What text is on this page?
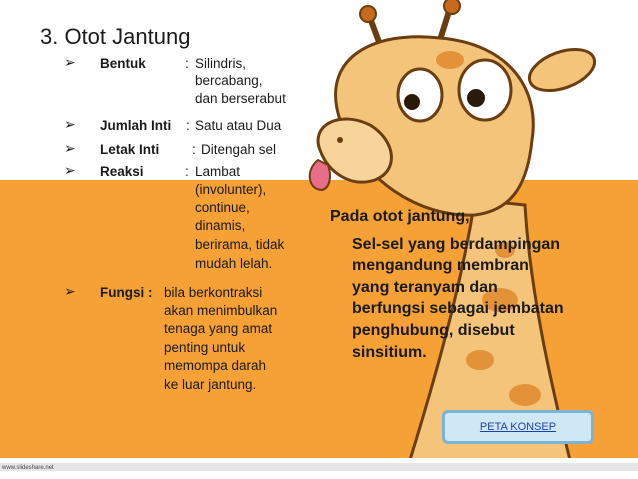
www.slideshare.net
3. Otot Jantung
➢ Bentuk	: Silindris,
bercabang,
dan berserabut
➢ Jumlah Inti : Satu atau Dua
➢ Letak Inti : Ditengah sel
➢ Reaksi	: Lambat
(involunter),
continue,
dinamis,
berirama, tidak
mudah lelah.
➢ Fungsi : bila berkontraksi
akan menimbulkan
tenaga yang amat
penting untuk
memompa darah
ke luar jantung.
Pada otot jantung,
Sel-sel yang berdampingan
mengandung membran
yang teranyam dan
berfungsi sebagai jembatan
penghubung, disebut
sinsitium.
PETA KONSEP
